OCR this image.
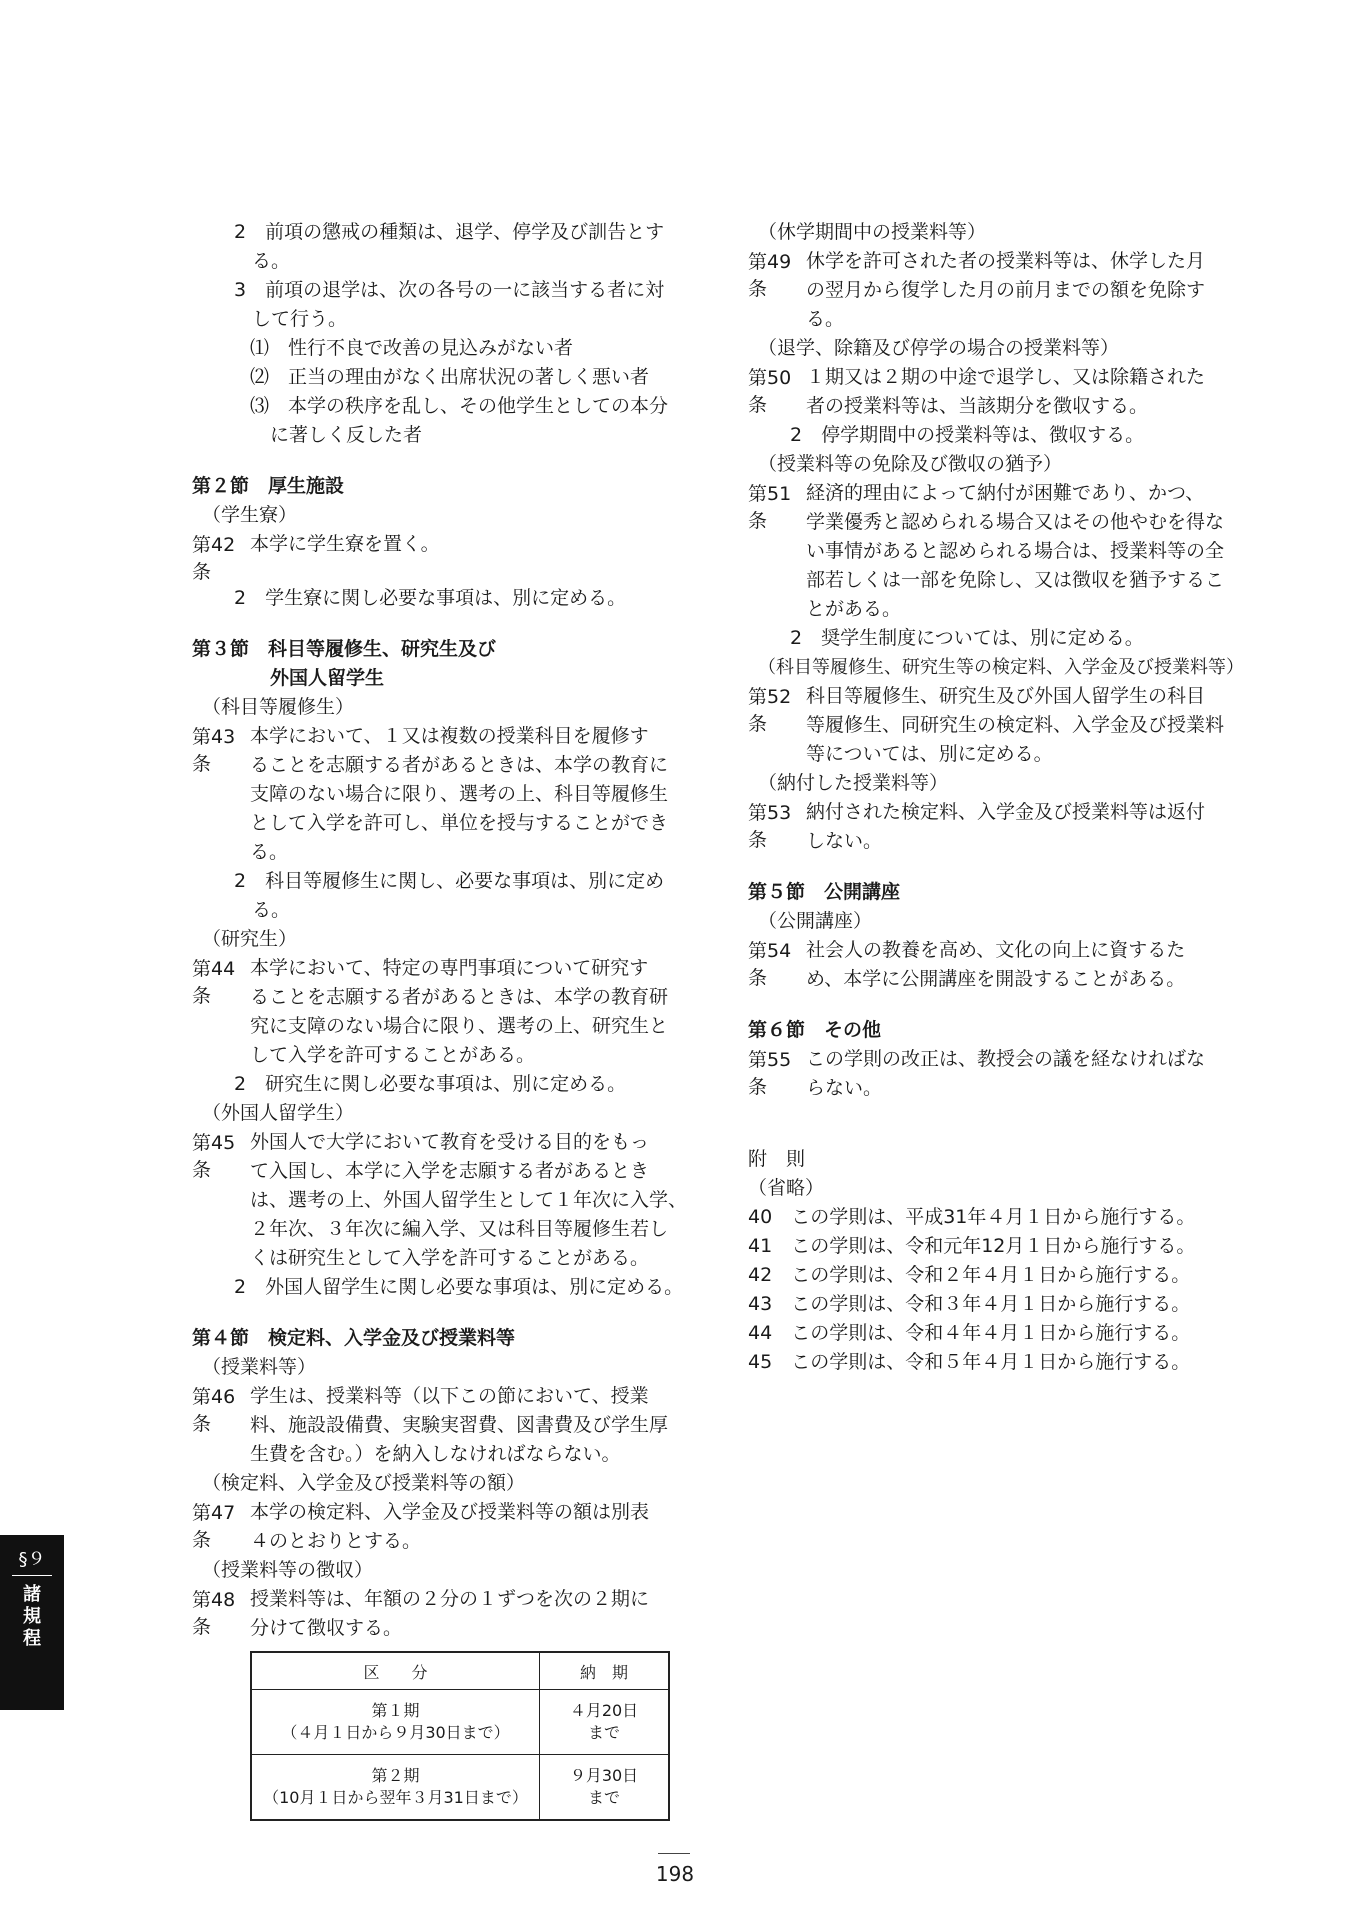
2　前項の懲戒の種類は、退学、停学及び訓告とす
る。
3　前項の退学は、次の各号の一に該当する者に対
して行う。
⑴　 性行不良で改善の見込みがない者
⑵　 正当の理由がなく出席状況の著しく悪い者
⑶　 本学の秩序を乱し、その他学生としての本分
に著しく反した者
第２節　厚生施設
（学生寮）
第42条
本学に学生寮を置く。
2　学生寮に関し必要な事項は、別に定める。
第３節　科目等履修生、研究生及び
外国人留学生
（科目等履修生）
第43条
本学において、１又は複数の授業科目を履修す
ることを志願する者があるときは、本学の教育に
支障のない場合に限り、選考の上、科目等履修生
として入学を許可し、単位を授与することができ
る。
2　科目等履修生に関し、必要な事項は、別に定め
る。
（研究生）
第44条
本学において、特定の専門事項について研究す
ることを志願する者があるときは、本学の教育研
究に支障のない場合に限り、選考の上、研究生と
して入学を許可することがある。
2　研究生に関し必要な事項は、別に定める。
（外国人留学生）
第45条
外国人で大学において教育を受ける目的をもっ
て入国し、本学に入学を志願する者があるとき
は、選考の上、外国人留学生として１年次に入学、
２年次、３年次に編入学、又は科目等履修生若し
くは研究生として入学を許可することがある。
2　外国人留学生に関し必要な事項は、別に定める。
第４節　検定料、入学金及び授業料等
（授業料等）
第46条
学生は、授業料等（以下この節において、授業
料、施設設備費、実験実習費、図書費及び学生厚
生費を含む。）を納入しなければならない。
（検定料、入学金及び授業料等の額）
第47条
本学の検定料、入学金及び授業料等の額は別表
４のとおりとする。
（授業料等の徴収）
第48条
授業料等は、年額の２分の１ずつを次の２期に
分けて徴収する。
区　　分	納　期
第１期
（４月１日から９月30日まで）	４月20日
まで
第２期
（10月１日から翌年３月31日まで）	９月30日
まで
（休学期間中の授業料等）
第49条
休学を許可された者の授業料等は、休学した月
の翌月から復学した月の前月までの額を免除す
る。
（退学、除籍及び停学の場合の授業料等）
第50条
１期又は２期の中途で退学し、又は除籍された
者の授業料等は、当該期分を徴収する。
2　停学期間中の授業料等は、徴収する。
（授業料等の免除及び徴収の猶予）
第51条
経済的理由によって納付が困難であり、かつ、
学業優秀と認められる場合又はその他やむを得な
い事情があると認められる場合は、授業料等の全
部若しくは一部を免除し、又は徴収を猶予するこ
とがある。
2　奨学生制度については、別に定める。
（科目等履修生、研究生等の検定料、入学金及び授業料等）
第52条
科目等履修生、研究生及び外国人留学生の科目
等履修生、同研究生の検定料、入学金及び授業料
等については、別に定める。
（納付した授業料等）
第53条
納付された検定料、入学金及び授業料等は返付
しない。
第５節　公開講座
（公開講座）
第54条
社会人の教養を高め、文化の向上に資するた
め、本学に公開講座を開設することがある。
第６節　その他
第55条
この学則の改正は、教授会の議を経なければな
らない。
附　則
（省略）
40　 この学則は、平成31年４月１日から施行する。
41　 この学則は、令和元年12月１日から施行する。
42　 この学則は、令和２年４月１日から施行する。
43　 この学則は、令和３年４月１日から施行する。
44　 この学則は、令和４年４月１日から施行する。
45　 この学則は、令和５年４月１日から施行する。
§９
諸
規
程
198
